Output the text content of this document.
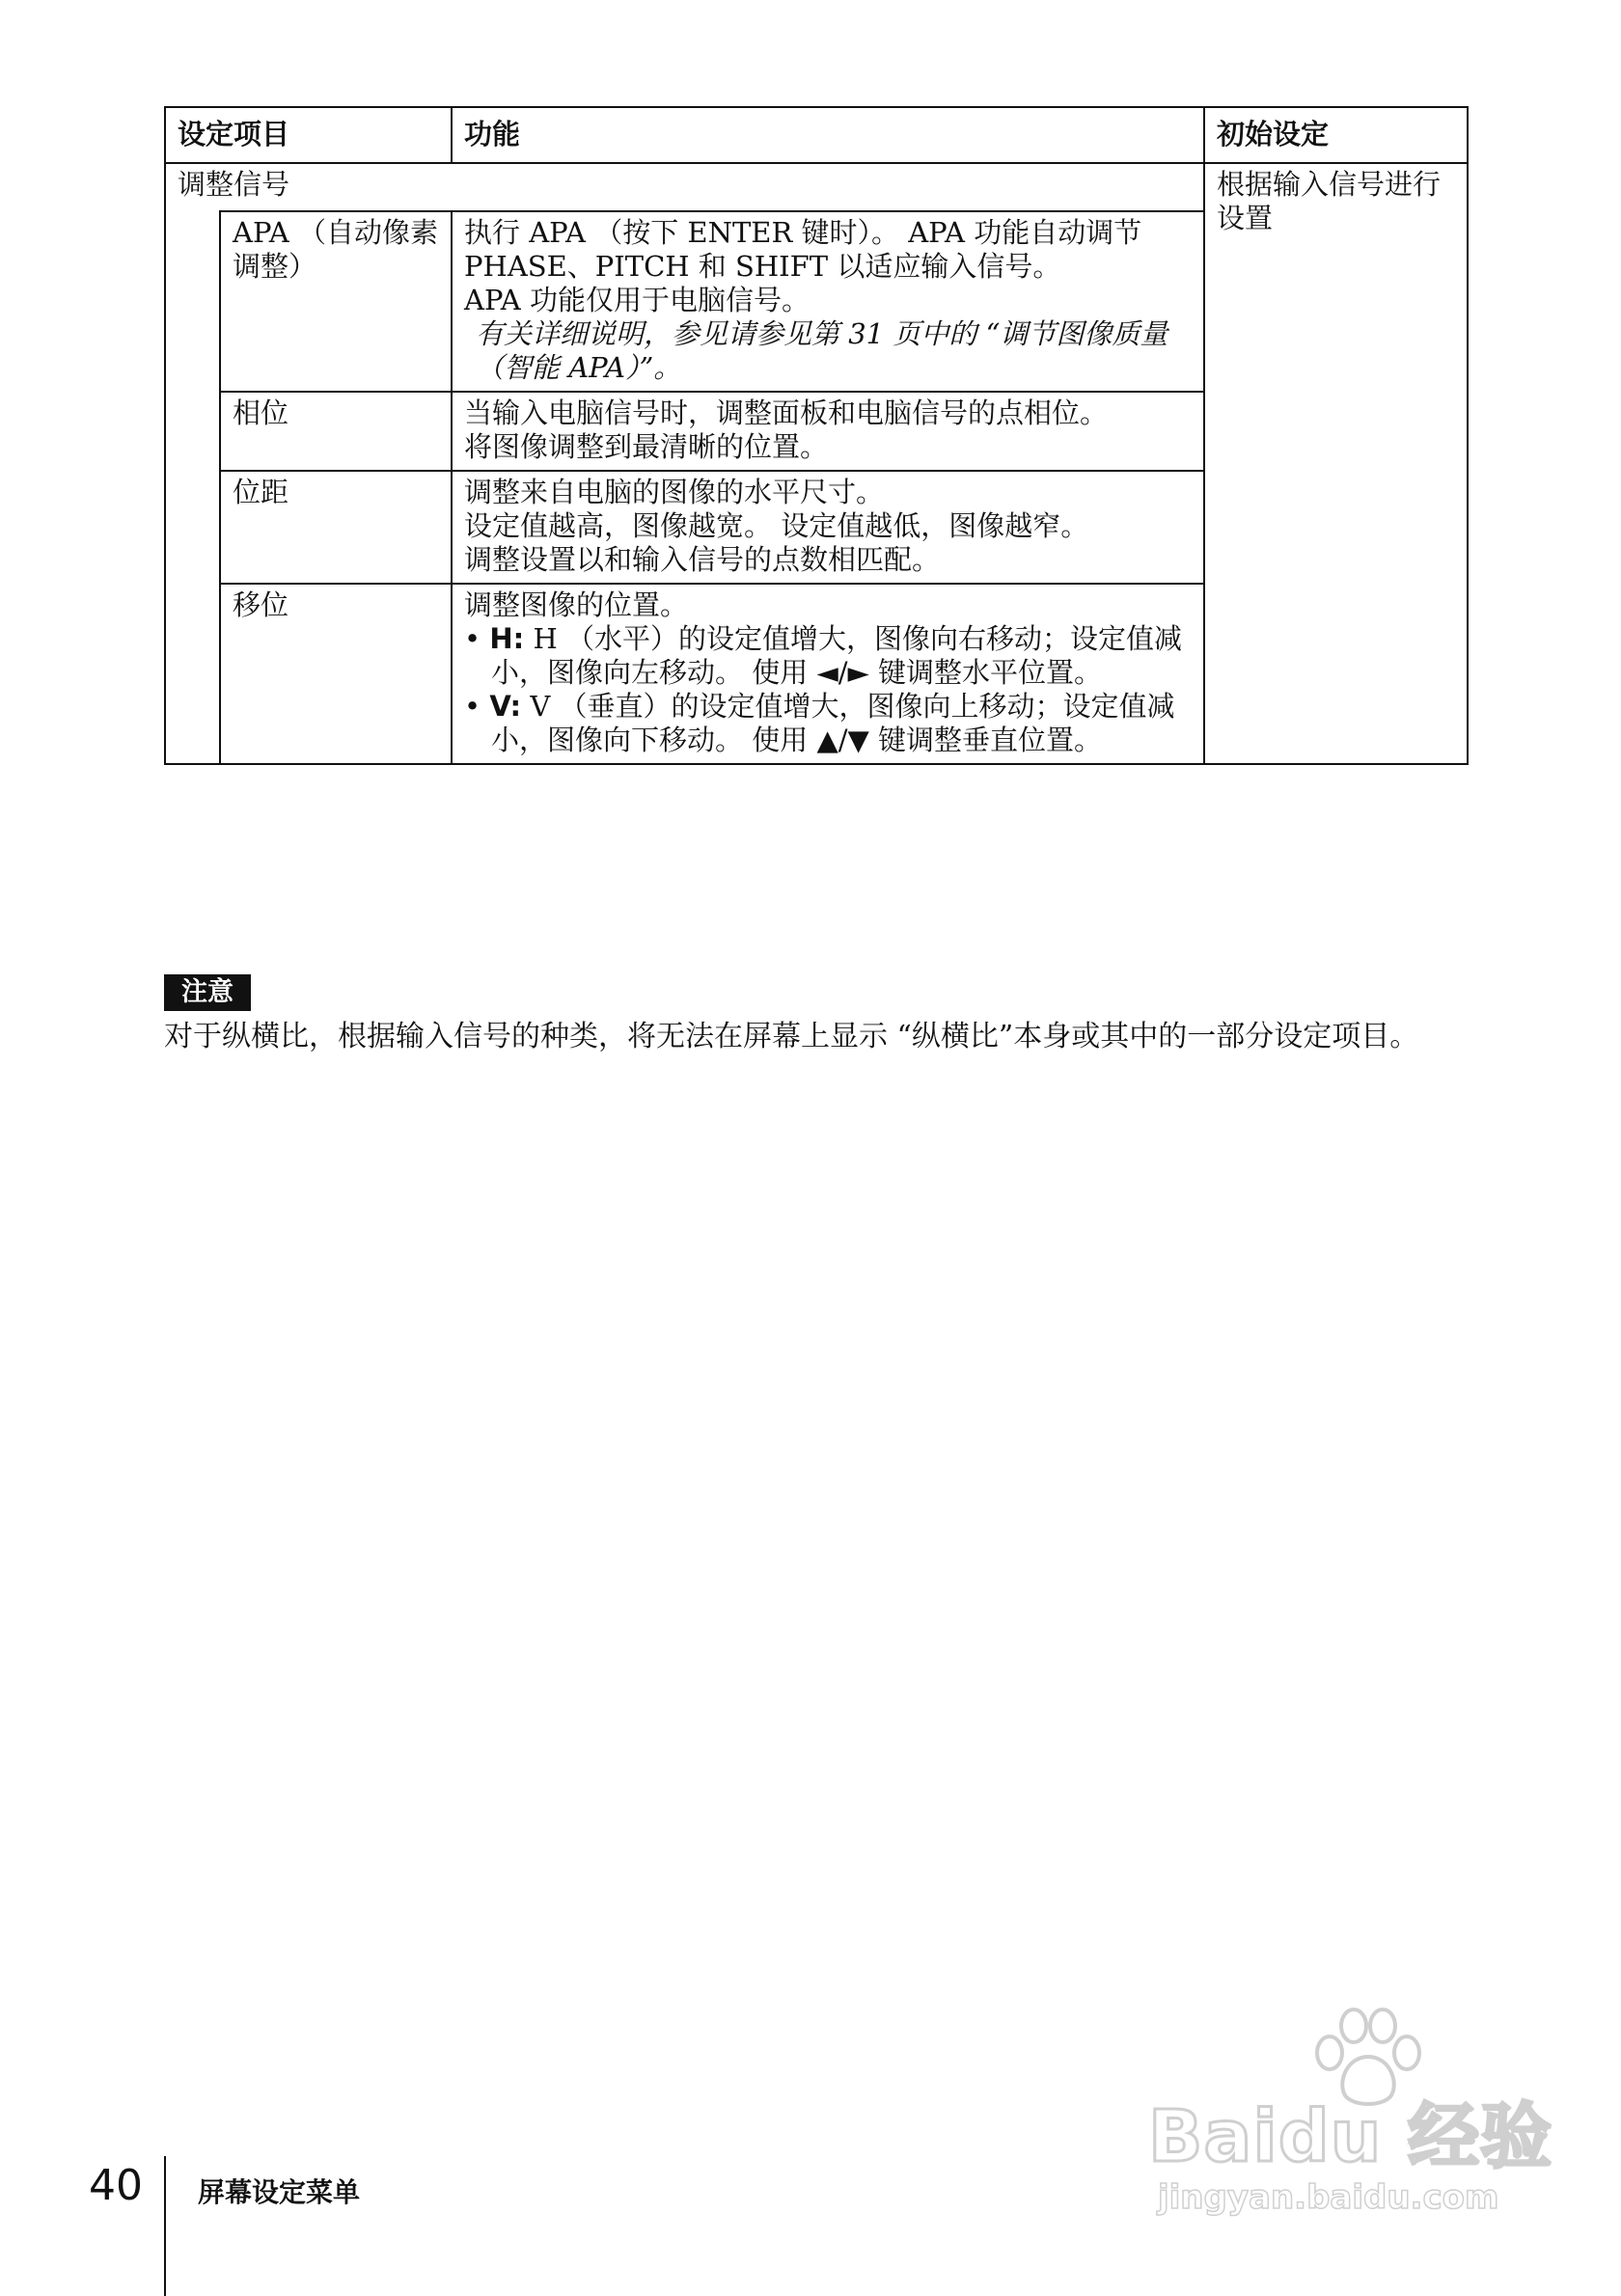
设定项目		功能	初始设定
调整信号			根据输入信号进行设置
	APA （自动像素调整）	执行 APA （按下 ENTER 键时）。 APA 功能自动调节 PHASE、PITCH 和 SHIFT 以适应输入信号。
APA 功能仅用于电脑信号。
有关详细说明，参见请参见第 31 页中的 “调节图像质量 （智能 APA）”。	

	相位	当输入电脑信号时，调整面板和电脑信号的点相位。
将图像调整到最清晰的位置。	

	位距	调整来自电脑的图像的水平尺寸。
设定值越高，图像越宽。 设定值越低，图像越窄。
调整设置以和输入信号的点数相匹配。	

	移位	调整图像的位置。
• H: H （水平）的设定值增大，图像向右移动；设定值减小，图像向左移动。 使用 ◄/► 键调整水平位置。
• V: V （垂直）的设定值增大，图像向上移动；设定值减小，图像向下移动。 使用 ▲/▼ 键调整垂直位置。	
注意
对于纵横比，根据输入信号的种类，将无法在屏幕上显示 “纵横比”本身或其中的一部分设定项目。
40 屏幕设定菜单
Baidu 经验
jingyan.baidu.com
